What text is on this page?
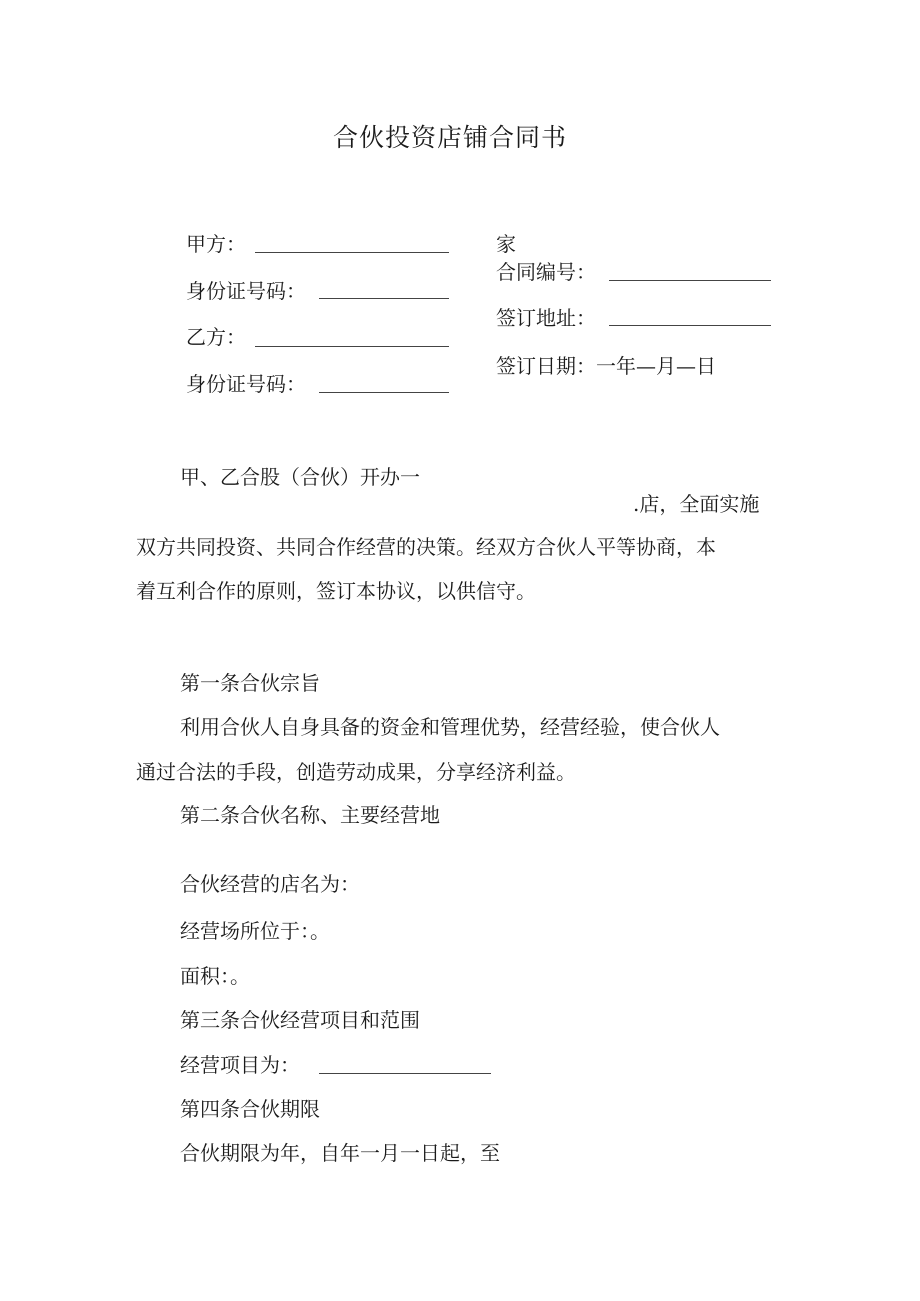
合伙投资店铺合同书
甲方：
身份证号码：
乙方：
身份证号码：
家
合同编号：
签订地址：
签订日期：一年—月—日
甲、乙合股（合伙）开办一
.店，全面实施
双方共同投资、共同合作经营的决策。经双方合伙人平等协商，本
着互利合作的原则，签订本协议，以供信守。
第一条合伙宗旨
利用合伙人自身具备的资金和管理优势，经营经验，使合伙人
通过合法的手段，创造劳动成果，分享经济利益。
第二条合伙名称、主要经营地
合伙经营的店名为：
经营场所位于：。
面积：。
第三条合伙经营项目和范围
经营项目为：
第四条合伙期限
合伙期限为年，自年一月一日起，至
